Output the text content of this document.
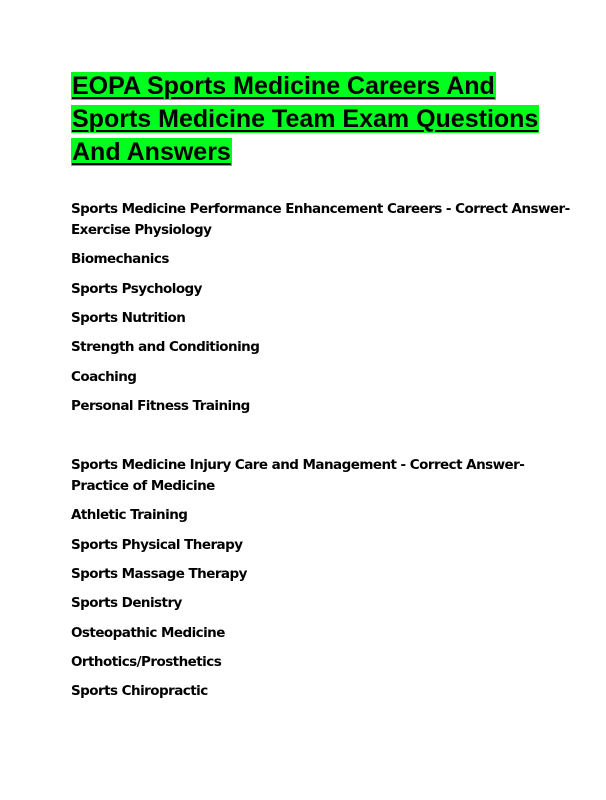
EOPA Sports Medicine Careers And Sports Medicine Team Exam Questions And Answers

Sports Medicine Performance Enhancement Careers - Correct Answer-

Exercise Physiology

Biomechanics

Sports Psychology

Sports Nutrition

Strength and Conditioning

Coaching

Personal Fitness Training

Sports Medicine Injury Care and Management - Correct Answer-

Practice of Medicine

Athletic Training

Sports Physical Therapy

Sports Massage Therapy

Sports Denistry

Osteopathic Medicine

Orthotics/Prosthetics

Sports Chiropractic
